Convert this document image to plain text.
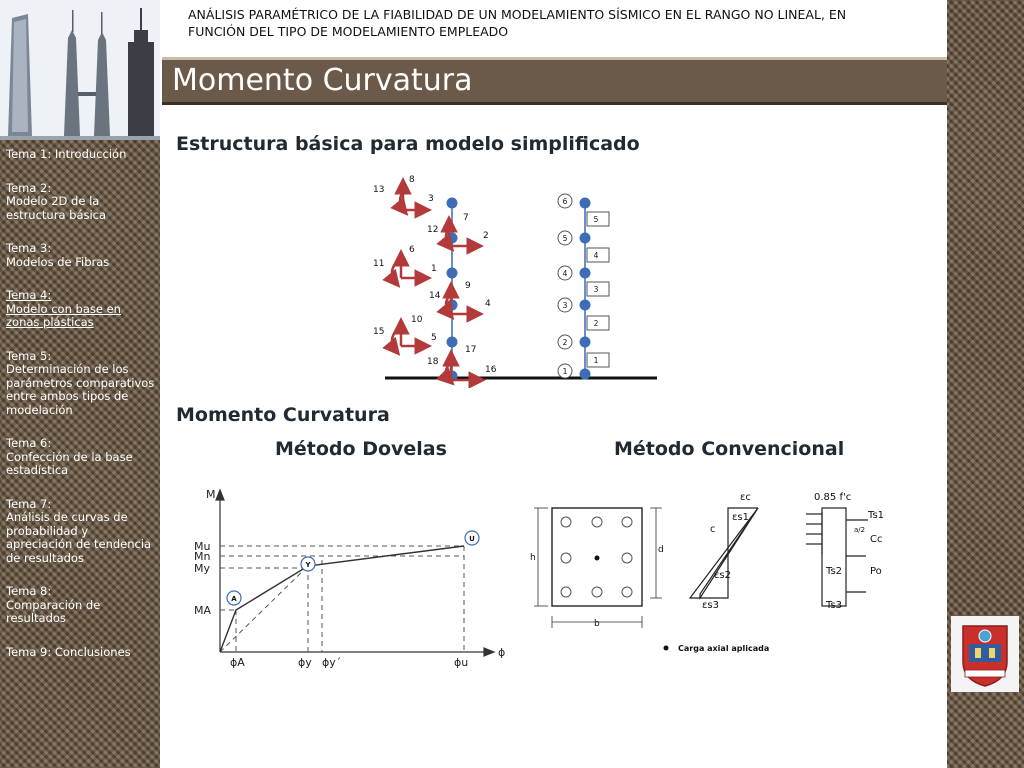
Tema 1: Introducción
Tema 2:
Modelo 2D de la estructura básica
Tema 3:
Modelos de Fibras
Tema 4:
Modelo con base en zonas plásticas
Tema 5:
Determinación de los parámetros comparativos entre ambos tipos de modelación
Tema 6:
Confección de la base estadística
Tema 7:
Análisis de curvas de probabilidad y apreciación de tendencia de resultados
Tema 8:
Comparación de resultados
Tema 9: Conclusiones
ANÁLISIS PARAMÉTRICO DE LA FIABILIDAD DE UN MODELAMIENTO SÍSMICO EN EL RANGO NO LINEAL, EN FUNCIÓN DEL TIPO DE MODELAMIENTO EMPLEADO
Momento Curvatura
Estructura básica para modelo simplificado
Momento Curvatura
Método Dovelas	Método Convencional
13
8
3
12
7
2
11
6
1
14
9
4
15
10
5
18
17
16
6
5
4
3
2
1
5
4
3
2
1
A
Y
U
M
ϕ
Mu
Mn
My
MA
ϕA	ϕy ϕy´	ϕu
h
d
b
εc
εs1
c
εs2
εs3
0.85 f'c
Ts1
a/2
Cc
Ts2	Po
Ts3
Carga axial aplicada
